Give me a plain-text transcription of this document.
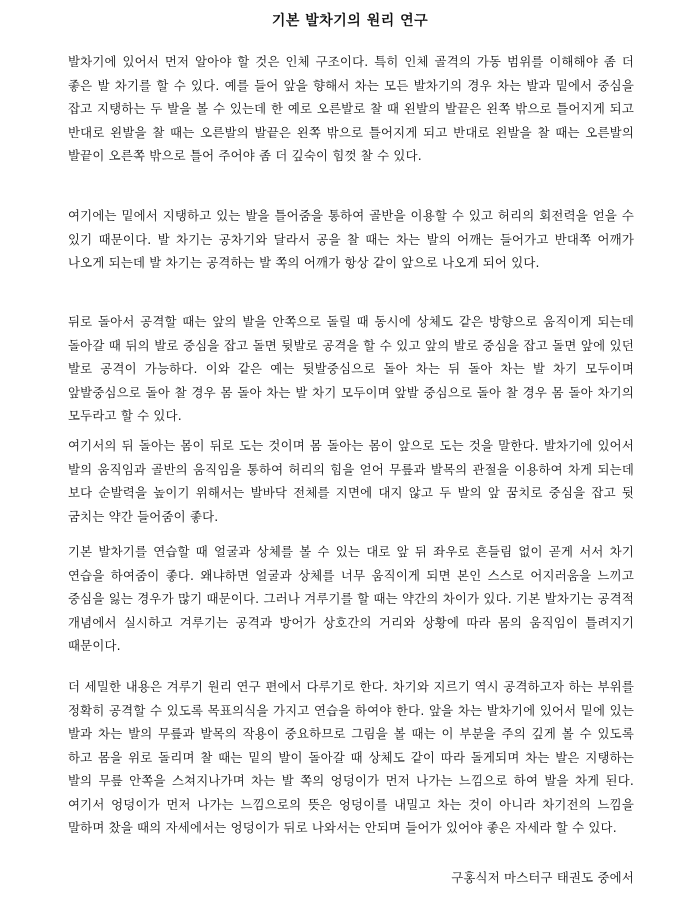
기본 발차기의 원리 연구
발차기에 있어서 먼저 알아야 할 것은 인체 구조이다. 특히 인체 골격의 가동 범위를 이해해야 좀 더 좋은 발 차기를 할 수 있다. 예를 들어 앞을 향해서 차는 모든 발차기의 경우 차는 발과 밑에서 중심을 잡고 지탱하는 두 발을 볼 수 있는데 한 예로 오른발로 찰 때 왼발의 발끝은 왼쪽 밖으로 틀어지게 되고 반대로 왼발을 찰 때는 오른발의 발끝은 왼쪽 밖으로 틀어지게 되고 반대로 왼발을 찰 때는 오른발의 발끝이 오른쪽 밖으로 틀어 주어야 좀 더 깊숙이 힘껏 찰 수 있다.
여기에는 밑에서 지탱하고 있는 발을 틀어줌을 통하여 골반을 이용할 수 있고 허리의 회전력을 얻을 수 있기 때문이다. 발 차기는 공차기와 달라서 공을 찰 때는 차는 발의 어깨는 들어가고 반대쪽 어깨가 나오게 되는데 발 차기는 공격하는 발 쪽의 어깨가 항상 같이 앞으로 나오게 되어 있다.
뒤로 돌아서 공격할 때는 앞의 발을 안쪽으로 돌릴 때 동시에 상체도 같은 방향으로 움직이게 되는데 돌아갈 때 뒤의 발로 중심을 잡고 돌면 뒷발로 공격을 할 수 있고 앞의 발로 중심을 잡고 돌면 앞에 있던 발로 공격이 가능하다. 이와 같은 예는 뒷발중심으로 돌아 차는 뒤 돌아 차는 발 차기 모두이며 앞발중심으로 돌아 찰 경우 몸 돌아 차는 발 차기 모두이며 앞발 중심으로 돌아 찰 경우 몸 돌아 차기의 모두라고 할 수 있다.
여기서의 뒤 돌아는 몸이 뒤로 도는 것이며 몸 돌아는 몸이 앞으로 도는 것을 말한다. 발차기에 있어서 발의 움직임과 골반의 움직임을 통하여 허리의 힘을 얻어 무릎과 발목의 관절을 이용하여 차게 되는데 보다 순발력을 높이기 위해서는 발바닥 전체를 지면에 대지 않고 두 발의 앞 꿈치로 중심을 잡고 뒷 굼치는 약간 들어줌이 좋다.
기본 발차기를 연습할 때 얼굴과 상체를 볼 수 있는 대로 앞 뒤 좌우로 흔들림 없이 곧게 서서 차기 연습을 하여줌이 좋다. 왜냐하면 얼굴과 상체를 너무 움직이게 되면 본인 스스로 어지러움을 느끼고 중심을 잃는 경우가 많기 때문이다. 그러나 겨루기를 할 때는 약간의 차이가 있다. 기본 발차기는 공격적 개념에서 실시하고 겨루기는 공격과 방어가 상호간의 거리와 상황에 따라 몸의 움직임이 틀려지기 때문이다.
더 세밀한 내용은 겨루기 원리 연구 편에서 다루기로 한다. 차기와 지르기 역시 공격하고자 하는 부위를 정확히 공격할 수 있도록 목표의식을 가지고 연습을 하여야 한다. 앞을 차는 발차기에 있어서 밑에 있는 발과 차는 발의 무릎과 발목의 작용이 중요하므로 그림을 볼 때는 이 부분을 주의 깊게 볼 수 있도록 하고 몸을 위로 돌리며 찰 때는 밑의 발이 돌아갈 때 상체도 같이 따라 돌게되며 차는 발은 지탱하는 발의 무릎 안쪽을 스쳐지나가며 차는 발 쪽의 엉덩이가 먼저 나가는 느낌으로 하여 발을 차게 된다. 여기서 엉덩이가 먼저 나가는 느낌으로의 뜻은 엉덩이를 내밀고 차는 것이 아니라 차기전의 느낌을 말하며 찼을 때의 자세에서는 엉덩이가 뒤로 나와서는 안되며 들어가 있어야 좋은 자세라 할 수 있다.
구홍식저 마스터구 태권도 중에서
